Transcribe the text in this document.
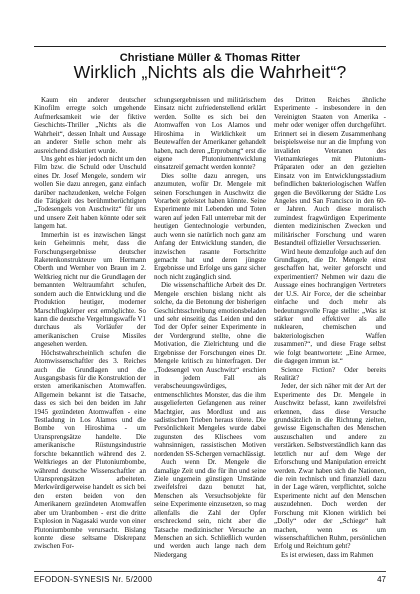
Christiane Müller & Thomas Ritter
Wirklich „Nichts als die Wahrheit“?

Kaum ein anderer deutscher Kinofilm erregte solch umgehende Aufmerksamkeit wie der fiktive Geschichts-Thriller „Nichts als die Wahrheit“, dessen Inhalt und Aussage an anderer Stelle schon mehr als ausreichend diskutiert wurde.

Uns geht es hier jedoch nicht um den Film bzw. die Schuld oder Unschuld eines Dr. Josef Mengele, sondern wir wollen Sie dazu anregen, ganz einfach darüber nachzudenken, welche Folgen die Tätigkeit des berühmtberüchtigten „Todesengels von Auschwitz“ für uns und unsere Zeit haben könnte oder seit langem hat.

Immerhin ist es inzwischen längst kein Geheimnis mehr, dass die Forschungsergebnisse deutscher Raketenkonstrukteure um Hermann Oberth und Wernher von Braun im 2. Weltkrieg nicht nur die Grundlagen der bemannten Weltraumfahrt schufen, sondern auch die Entwicklung und die Produktion heutiger, moderner Marschflugkörper erst ermöglichte. So kann die deutsche Vergeltungswaffe V1 durchaus als Vorläufer der amerikanischen Cruise Missiles angesehen werden.

Höchstwahrscheinlich schufen die Atomwissenschaftler des 3. Reiches auch die Grundlagen und die Ausgangsbasis für die Konstruktion der ersten amerikanischen Atomwaffen. Allgemein bekannt ist die Tatsache, dass es sich bei den beiden im Jahr 1945 gezündeten Atomwaffen - eine Testladung in Los Alamos und die Bombe von Hiroshima - um Uransprengsätze handelte. Die amerikanische Rüstungsindustrie forschte bekanntlich während des 2. Weltkrieges an der Plutoniumbombe, während deutsche Wissenschaftler an Uransprengsätzen arbeiteten. Merkwürdigerweise handelt es sich bei den ersten beiden von den Amerikanern gezündeten Atomwaffen aber um Uranbomben - erst die dritte Explosion in Nagasaki wurde von einer Plutoniumbombe verursacht. Bislang konnte diese seltsame Diskrepanz zwischen For-

schungsergebnissen und militärischem Einsatz nicht zufriedenstellend erklärt werden. Sollte es sich bei den Atomwaffen von Los Alamos und Hiroshima in Wirklichkeit um Beutewaffen der Amerikaner gehandelt haben, nach deren „Erprobung“ erst die eigene Plutoniumentwicklung einsatzreif gemacht werden konnte?

Dies sollte dazu anregen, uns anzumuten, wofür Dr. Mengele mit seinen Forschungen in Auschwitz die Vorarbeit geleistet haben könnte. Seine Experimente mit Lebenden und Toten waren auf jeden Fall unterrebar mit der heutigen Gentechnologie verbunden, auch wenn sie natürlich noch ganz am Anfang der Entwicklung standen, die inzwischen rasante Fortschritte gemacht hat und deren jüngste Ergebnisse und Erfolge uns ganz sicher noch nicht zugänglich sind.

Die wissenschaftliche Arbeit des Dr. Mengele erschien bislang nicht als solche, da die Betonung der bisherigen Geschichtsschreibung emotionsbeladen und sehr einseitig das Leiden und den Tod der Opfer seiner Experimente in der Vordergrund stellte, ohne die Motivation, die Zielrichtung und die Ergebnisse der Forschungen eines Dr. Mengele kritisch zu hinterfragen. Der „Todesengel von Auschwitz“ erschien in jedem Fall als verabscheuungswürdiges, entmenschlichtes Monster, das die ihm ausgelieferten Gefangenen aus reiner Machtgier, aus Mordlust und aus sadistischen Trieben heraus tötete. Die Persönlichkeit Mengeles wurde dabei zugunsten des Klischees vom wahnsinnigen, rassistischen Motiven nordenden SS-Schergen vernachlässigt.

Auch wenn Dr. Mengele die damalige Zeit und die für ihn und seine Ziele ungemein günstigen Umstände zweifelsfrei dazu benutzt hat, Menschen als Versuchsobjekte für seine Experimente einzusetzen, so mag allenfalls die Zahl der Opfer erschreckend sein, nicht aber die Tatsache medizinischer Versuche an Menschen an sich. Schließlich wurden und werden auch lange nach dem Niedergang

des Dritten Reiches ähnliche Experimente - insbesondere in den Vereinigten Staaten von Amerika - mehr oder weniger offen durchgeführt. Erinnert sei in diesem Zusammenhang beispielsweise nur an die Impfung von invaliden Veteranen des Vietnamkrieges mit Plutonium-Präparaten oder an den gezielten Einsatz von im Entwicklungsstadium befindlichen bakteriologischen Waffen gegen die Bevölkerung der Städte Los Angeles und San Francisco in den 60-er Jahren. Auch diese moralisch zumindest fragwürdigen Experimente dienten medizinischen Zwecken und militärischer Forschung und waren Bestandteil offizieller Versuchsserien.

Wird heute demzufolge auch auf den Grundlagen, die Dr. Mengele einst geschaffen hat, weiter geforscht und experimentiert? Nehmen wir dazu die Aussage eines hochrangigen Vertreters der U.S. Air Force, der die scheinbar einfache und doch mehr als bedeutungsvolle Frage stellte: „Was ist stärker und effektiver als alle nuklearen, chemischen und bakteriologischen Waffen zusammen?“, und diese Frage selbst wie folgt beantwortete: „Eine Armee, die dagegen immun ist.“

Science Fiction? Oder bereits Realität?

Jeder, der sich näher mit der Art der Experimente des Dr. Mengele in Auschwitz befasst, kann zweifelsfrei erkennen, dass diese Versuche grundsätzlich in die Richtung zielten, gewisse Eigenschaften des Menschen auszuschalten und andere zu verstärken. Selbstverständlich kann das letztlich nur auf dem Wege der Erforschung und Manipulation erreicht werden. Zwar haben sich die Nationen, die rein technisch und finanziell dazu in der Lage wären, verpflichtet, solche Experimente nicht auf den Menschen auszudehnen. Doch werden der Forschung mit Klonen wirklich bei „Dolly“ oder der „Schiege“ halt machen, wenn es um wissenschaftlichen Ruhm, persönlichen Erfolg und Reichtum geht?

Es ist erwiesen, dass im Rahmen

EFODON-SYNESIS Nr. 5/2000	47
